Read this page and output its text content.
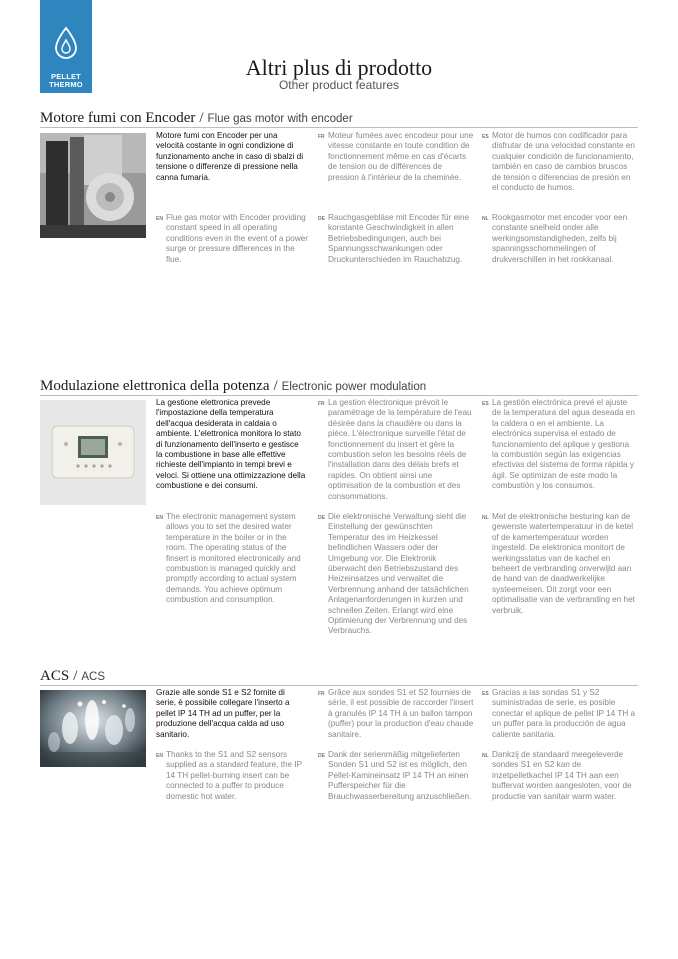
PELLET
THERMO
Altri plus di prodotto
Other product features
Motore fumi con Encoder / Flue gas motor with encoder
Motore fumi con Encoder per una velocità costante in ogni condizione di funzionamento anche in caso di sbalzi di tensione o differenze di pressione nella canna fumaria.
FR Moteur fumées avec encodeur pour une vitesse constante en toute condition de fonctionnement même en cas d'écarts de tension ou de différences de pression à l'intérieur de la cheminée.
ES Motor de humos con codificador para disfrutar de una velocidad constante en cualquier condición de funcionamiento, también en caso de cambios bruscos de tensión o diferencias de presión en el conducto de humos.
EN Flue gas motor with Encoder providing constant speed in all operating conditions even in the event of a power surge or pressure differences in the flue.
DE Rauchgasgebläse mit Encoder für eine konstante Geschwindigkeit in allen Betriebsbedingungen, auch bei Spannungsschwankungen oder Druckunterschieden im Rauchabzug.
NL Rookgasmotor met encoder voor een constante snelheid onder alle werkingsomstandigheden, zelfs bij spanningsschommelingen of drukverschillen in het rookkanaal.
Modulazione elettronica della potenza / Electronic power modulation
La gestione elettronica prevede l'impostazione della temperatura dell'acqua desiderata in caldaia o ambiente. L'elettronica monitora lo stato di funzionamento dell'inserto e gestisce la combustione in base alle effettive richieste dell'impianto in tempi brevi e veloci. Si ottiene una ottimizzazione della combustione e dei consumi.
FR La gestion électronique prévoit le paramétrage de la température de l'eau désirée dans la chaudière ou dans la pièce. L'électronique surveille l'état de fonctionnement du insert et gère la combustion selon les besoins réels de l'installation dans des délais brefs et rapides. On obtient ainsi une optimisation de la combustion et des consommations.
ES La gestión electrónica prevé el ajuste de la temperatura del agua deseada en la caldera o en el ambiente. La electrónica supervisa el estado de funcionamiento del aplique y gestiona la combustión según las exigencias efectivas del sistema de forma rápida y ágil. Se optimizan de este modo la combustión y los consumos.
EN The electronic management system allows you to set the desired water temperature in the boiler or in the room. The operating status of the finsert is monitored electronically and combustion is managed quickly and promptly according to actual system demands. You achieve optimum combustion and consumption.
DE Die elektronische Verwaltung sieht die Einstellung der gewünschten Temperatur des im Heizkessel befindlichen Wassers oder der Umgebung vor. Die Elektronik überwacht den Betriebszustand des Heizeinsatzes und verwaltet die Verbrennung anhand der tatsächlichen Anlagenanforderungen in kurzen und schnellen Zeiten. Erlangt wird eine Optimierung der Verbrennung und des Verbrauchs.
NL Met de elektronische besturing kan de gewenste watertemperatuur in de ketel of de kamertemperatuur worden ingesteld. De elektronica monitort de werkingsstatus van de kachel en beheert de verbranding onverwijld aan de hand van de daadwerkelijke systeemeisen. Dit zorgt voor een optimalisatie van de verbranding en het verbruik.
ACS / ACS
Grazie alle sonde S1 e S2 fornite di serie, è possibile collegare l'inserto a pellet IP 14 TH ad un puffer, per la produzione dell'acqua calda ad uso sanitario.
FR Grâce aux sondes S1 et S2 fournies de série, il est possible de raccorder l'insert à granulés IP 14 TH à un ballon tampon (puffer) pour la production d'eau chaude sanitaire.
ES Gracias a las sondas S1 y S2 suministradas de serie, es posible conectar el aplique de pellet IP 14 TH a un puffer para la producción de agua caliente sanitaria.
EN Thanks to the S1 and S2 sensors supplied as a standard feature, the IP 14 TH pellet-burning insert can be connected to a puffer to produce domestic hot water.
DE Dank der serienmäßig mitgelieferten Sonden S1 und S2 ist es möglich, den Pellet-Kamineinsatz IP 14 TH an einen Pufferspeicher für die Brauchwasserbereitung anzuschließen.
NL Dankzij de standaard meegeleverde sondes S1 en S2 kan de inzetpelletkachel IP 14 TH aan een buffervat worden aangesloten, voor de productie van sanitair warm water.
